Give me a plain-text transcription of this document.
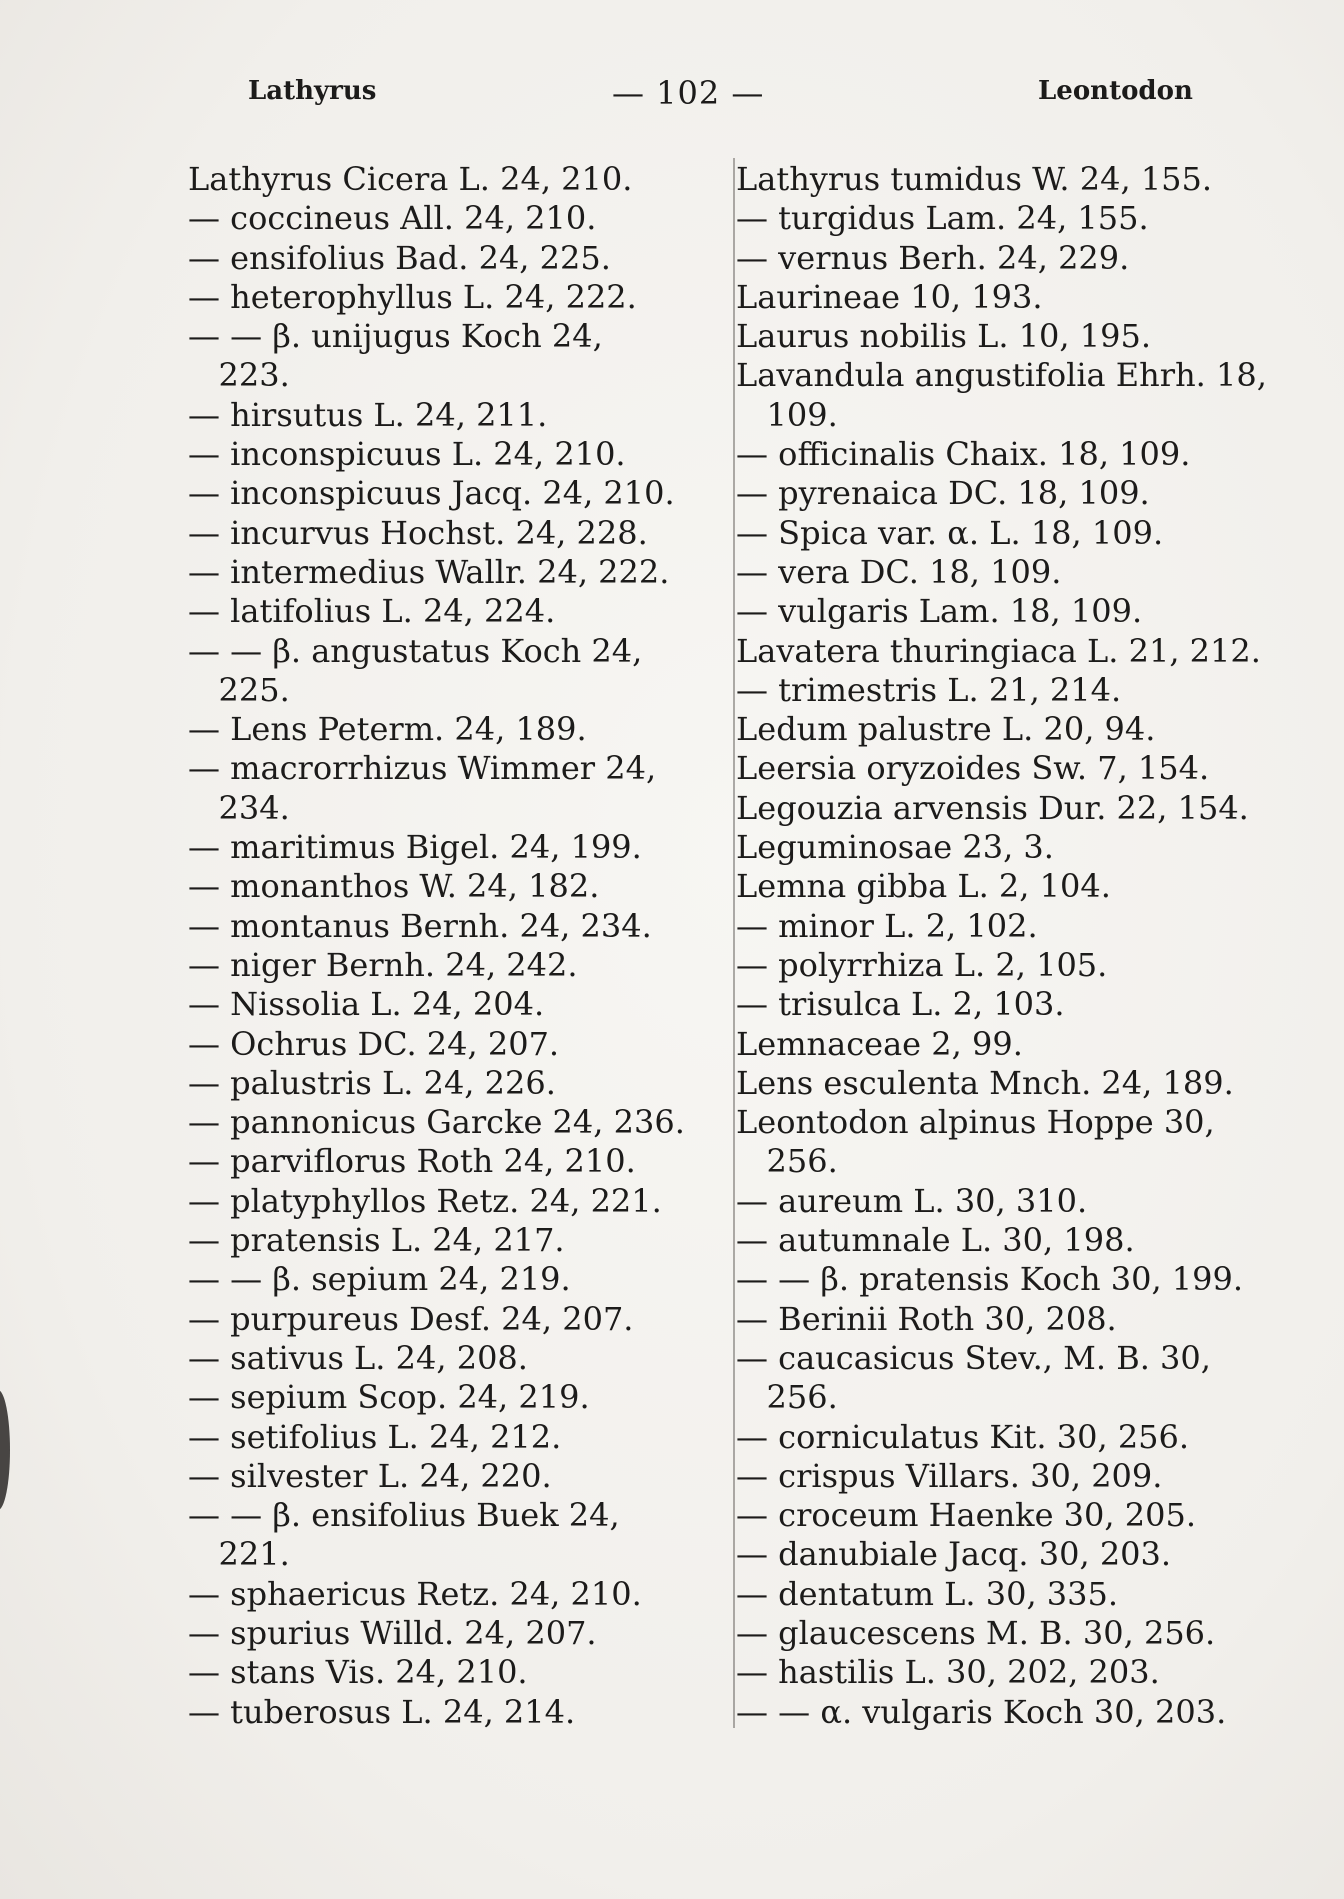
Lathyrus	— 102 —	Leontodon

Lathyrus Cicera L. 24, 210.

— coccineus All. 24, 210.

— ensifolius Bad. 24, 225.

— heterophyllus L. 24, 222.

— — β. unijugus Koch 24,

223.

— hirsutus L. 24, 211.

— inconspicuus L. 24, 210.

— inconspicuus Jacq. 24, 210.

— incurvus Hochst. 24, 228.

— intermedius Wallr. 24, 222.

— latifolius L. 24, 224.

— — β. angustatus Koch 24,

225.

— Lens Peterm. 24, 189.

— macrorrhizus Wimmer 24,

234.

— maritimus Bigel. 24, 199.

— monanthos W. 24, 182.

— montanus Bernh. 24, 234.

— niger Bernh. 24, 242.

— Nissolia L. 24, 204.

— Ochrus DC. 24, 207.

— palustris L. 24, 226.

— pannonicus Garcke 24, 236.

— parviflorus Roth 24, 210.

— platyphyllos Retz. 24, 221.

— pratensis L. 24, 217.

— — β. sepium 24, 219.

— purpureus Desf. 24, 207.

— sativus L. 24, 208.

— sepium Scop. 24, 219.

— setifolius L. 24, 212.

— silvester L. 24, 220.

— — β. ensifolius Buek 24,

221.

— sphaericus Retz. 24, 210.

— spurius Willd. 24, 207.

— stans Vis. 24, 210.

— tuberosus L. 24, 214.

Lathyrus tumidus W. 24, 155.

— turgidus Lam. 24, 155.

— vernus Berh. 24, 229.

Laurineae 10, 193.

Laurus nobilis L. 10, 195.

Lavandula angustifolia Ehrh. 18,

109.

— officinalis Chaix. 18, 109.

— pyrenaica DC. 18, 109.

— Spica var. α. L. 18, 109.

— vera DC. 18, 109.

— vulgaris Lam. 18, 109.

Lavatera thuringiaca L. 21, 212.

— trimestris L. 21, 214.

Ledum palustre L. 20, 94.

Leersia oryzoides Sw. 7, 154.

Legouzia arvensis Dur. 22, 154.

Leguminosae 23, 3.

Lemna gibba L. 2, 104.

— minor L. 2, 102.

— polyrrhiza L. 2, 105.

— trisulca L. 2, 103.

Lemnaceae 2, 99.

Lens esculenta Mnch. 24, 189.

Leontodon alpinus Hoppe 30,

256.

— aureum L. 30, 310.

— autumnale L. 30, 198.

— — β. pratensis Koch 30, 199.

— Berinii Roth 30, 208.

— caucasicus Stev., M. B. 30,

256.

— corniculatus Kit. 30, 256.

— crispus Villars. 30, 209.

— croceum Haenke 30, 205.

— danubiale Jacq. 30, 203.

— dentatum L. 30, 335.

— glaucescens M. B. 30, 256.

— hastilis L. 30, 202, 203.

— — α. vulgaris Koch 30, 203.
